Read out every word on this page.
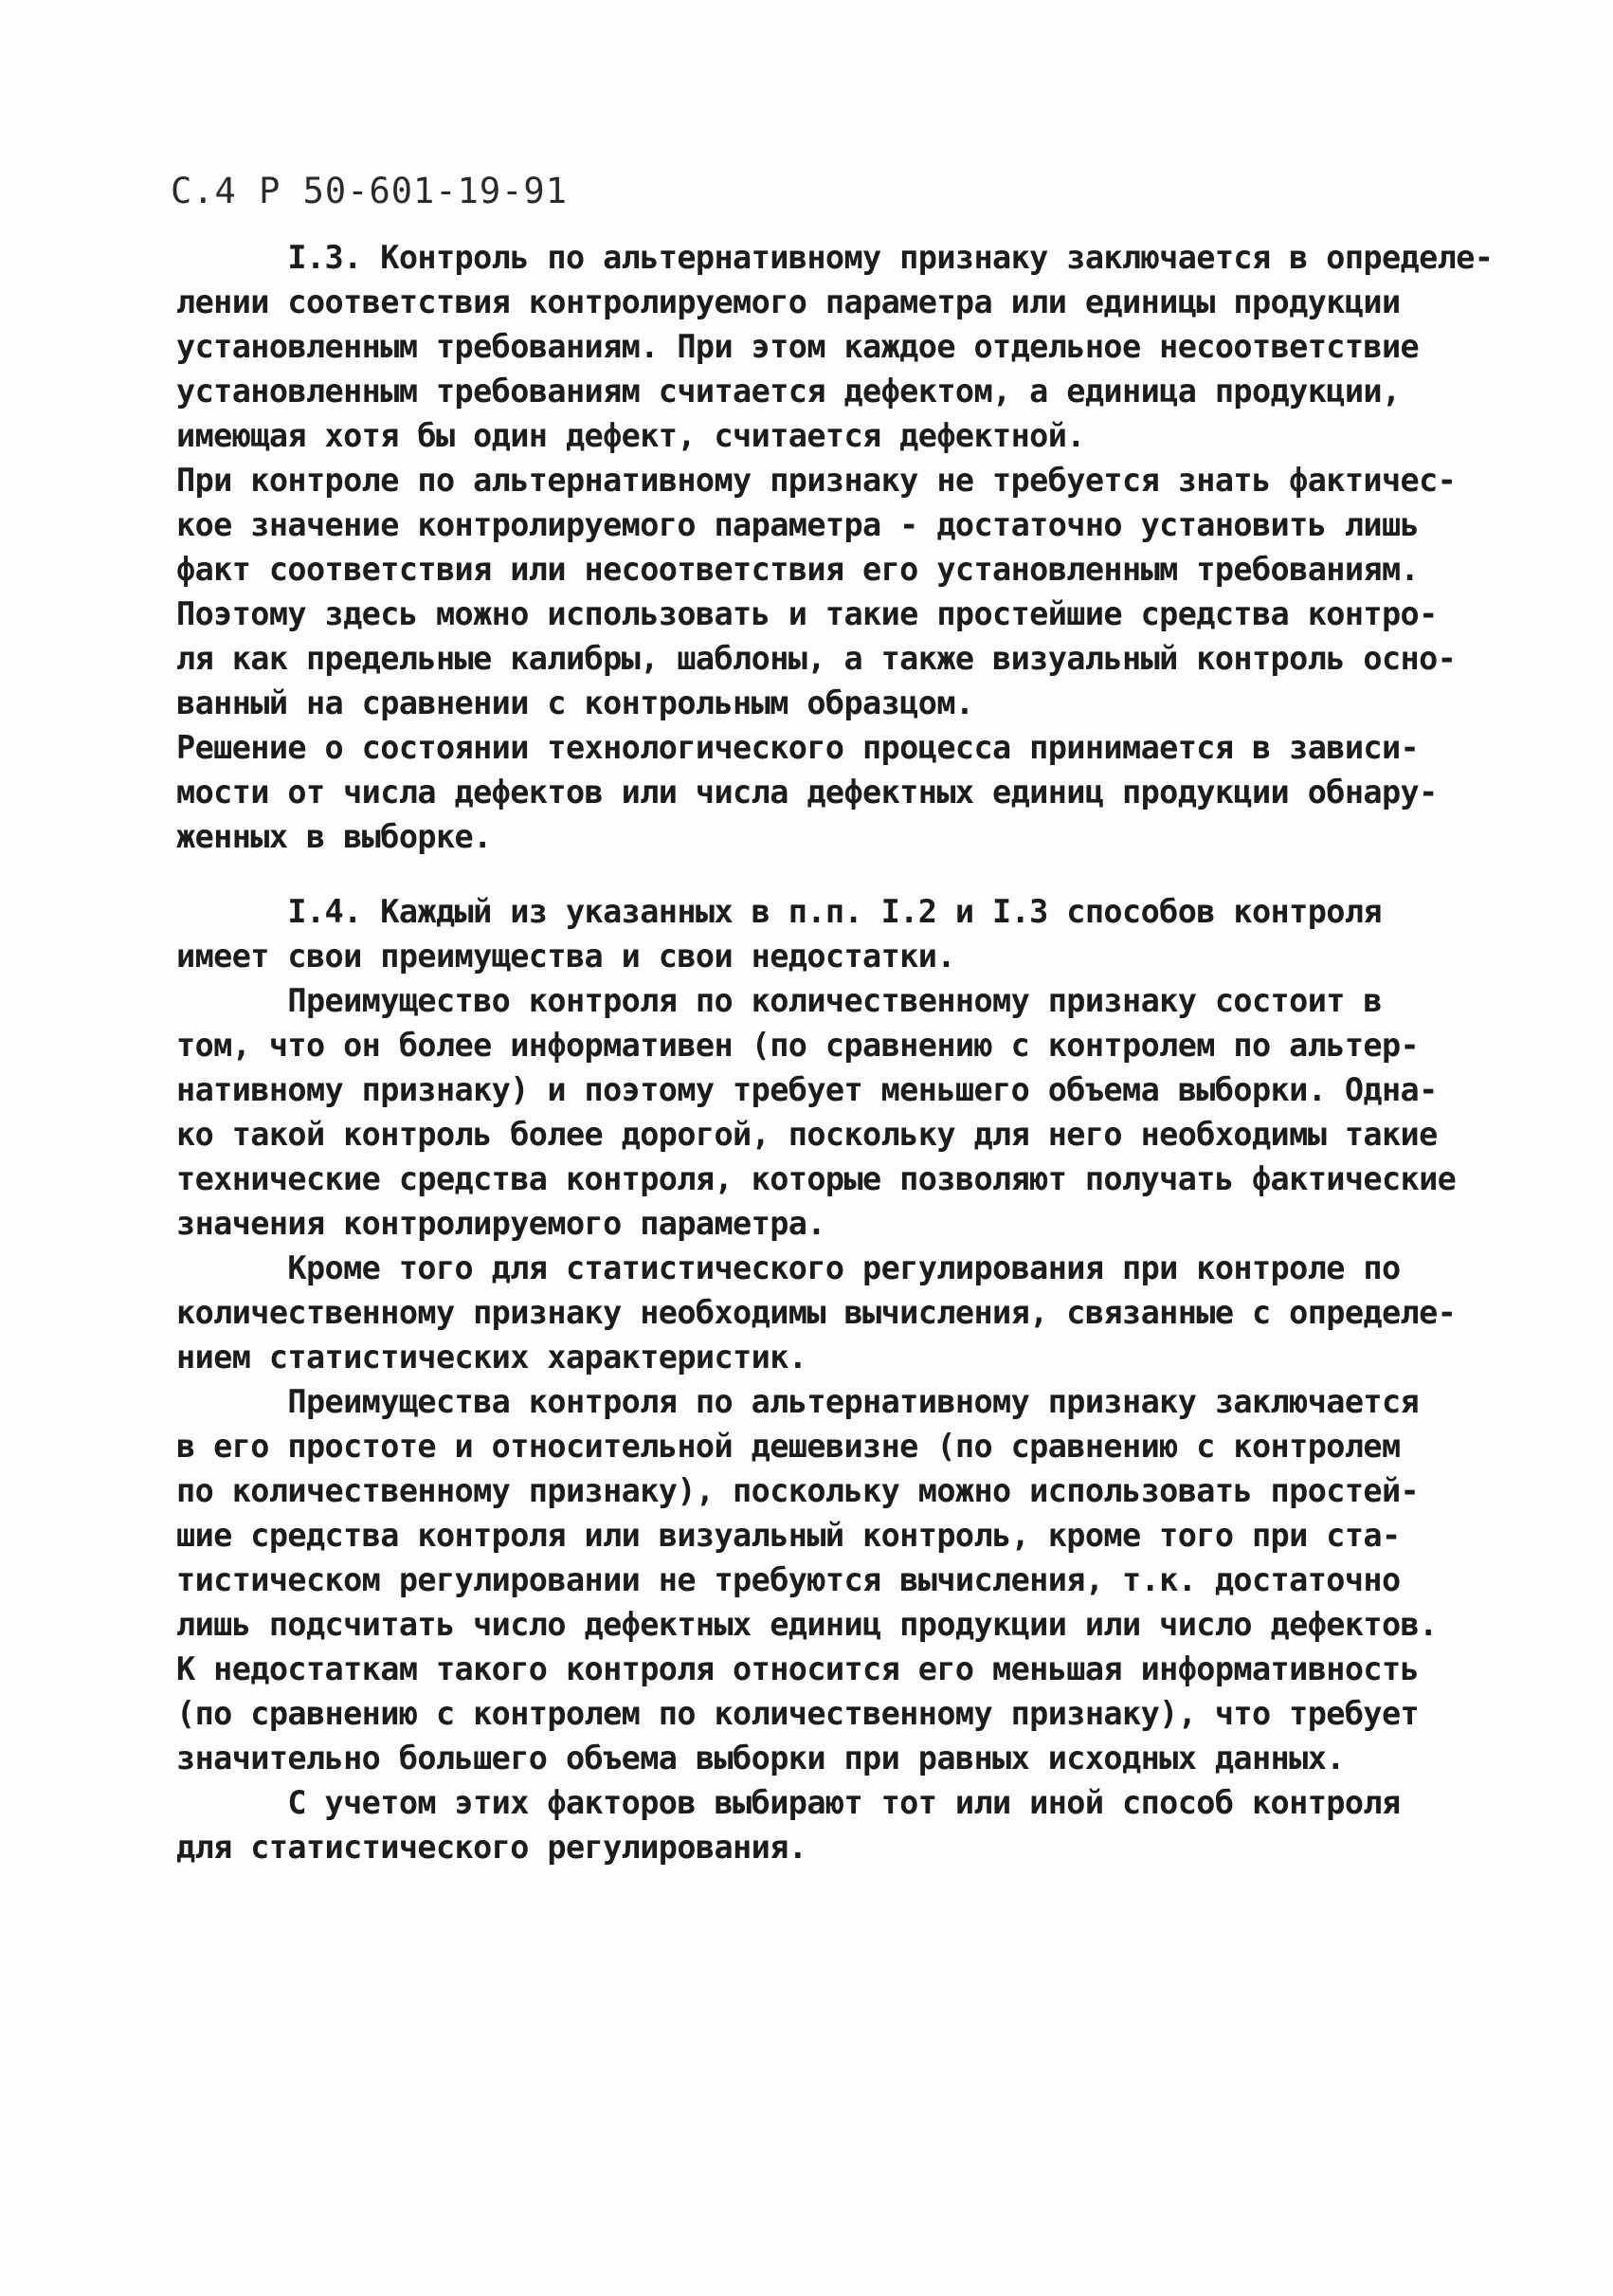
С.4 Р 50-601-19-91
I.3. Контроль по альтернативному признаку заключается в определе-
лении соответствия контролируемого параметра или единицы продукции
установленным требованиям. При этом каждое отдельное несоответствие
установленным требованиям считается дефектом, а единица продукции,
имеющая хотя бы один дефект, считается дефектной.
При контроле по альтернативному признаку не требуется знать фактичес-
кое значение контролируемого параметра - достаточно установить лишь
факт соответствия или несоответствия его установленным требованиям.
Поэтому здесь можно использовать и такие простейшие средства контро-
ля как предельные калибры, шаблоны, а также визуальный контроль осно-
ванный на сравнении с контрольным образцом.
Решение о состоянии технологического процесса принимается в зависи-
мости от числа дефектов или числа дефектных единиц продукции обнару-
женных в выборке.
I.4. Каждый из указанных в п.п. I.2 и I.3 способов контроля
имеет свои преимущества и свои недостатки.
Преимущество контроля по количественному признаку состоит в
том, что он более информативен (по сравнению с контролем по альтер-
нативному признаку) и поэтому требует меньшего объема выборки. Одна-
ко такой контроль более дорогой, поскольку для него необходимы такие
технические средства контроля, которые позволяют получать фактические
значения контролируемого параметра.
Кроме того для статистического регулирования при контроле по
количественному признаку необходимы вычисления, связанные с определе-
нием статистических характеристик.
Преимущества контроля по альтернативному признаку заключается
в его простоте и относительной дешевизне (по сравнению с контролем
по количественному признаку), поскольку можно использовать простей-
шие средства контроля или визуальный контроль, кроме того при ста-
тистическом регулировании не требуются вычисления, т.к. достаточно
лишь подсчитать число дефектных единиц продукции или число дефектов.
К недостаткам такого контроля относится его меньшая информативность
(по сравнению с контролем по количественному признаку), что требует
значительно большего объема выборки при равных исходных данных.
С учетом этих факторов выбирают тот или иной способ контроля
для статистического регулирования.
